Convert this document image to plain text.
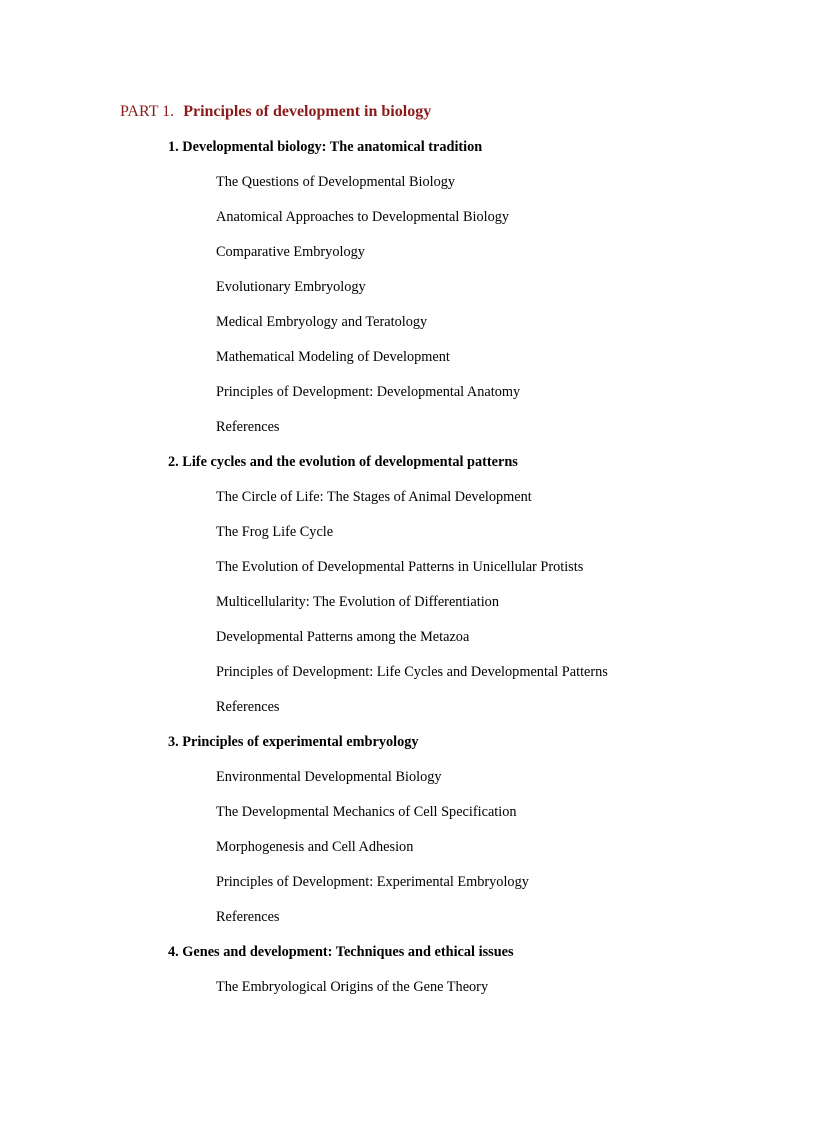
PART 1. Principles of development in biology
1. Developmental biology: The anatomical tradition
The Questions of Developmental Biology
Anatomical Approaches to Developmental Biology
Comparative Embryology
Evolutionary Embryology
Medical Embryology and Teratology
Mathematical Modeling of Development
Principles of Development: Developmental Anatomy
References
2. Life cycles and the evolution of developmental patterns
The Circle of Life: The Stages of Animal Development
The Frog Life Cycle
The Evolution of Developmental Patterns in Unicellular Protists
Multicellularity: The Evolution of Differentiation
Developmental Patterns among the Metazoa
Principles of Development: Life Cycles and Developmental Patterns
References
3. Principles of experimental embryology
Environmental Developmental Biology
The Developmental Mechanics of Cell Specification
Morphogenesis and Cell Adhesion
Principles of Development: Experimental Embryology
References
4. Genes and development: Techniques and ethical issues
The Embryological Origins of the Gene Theory
